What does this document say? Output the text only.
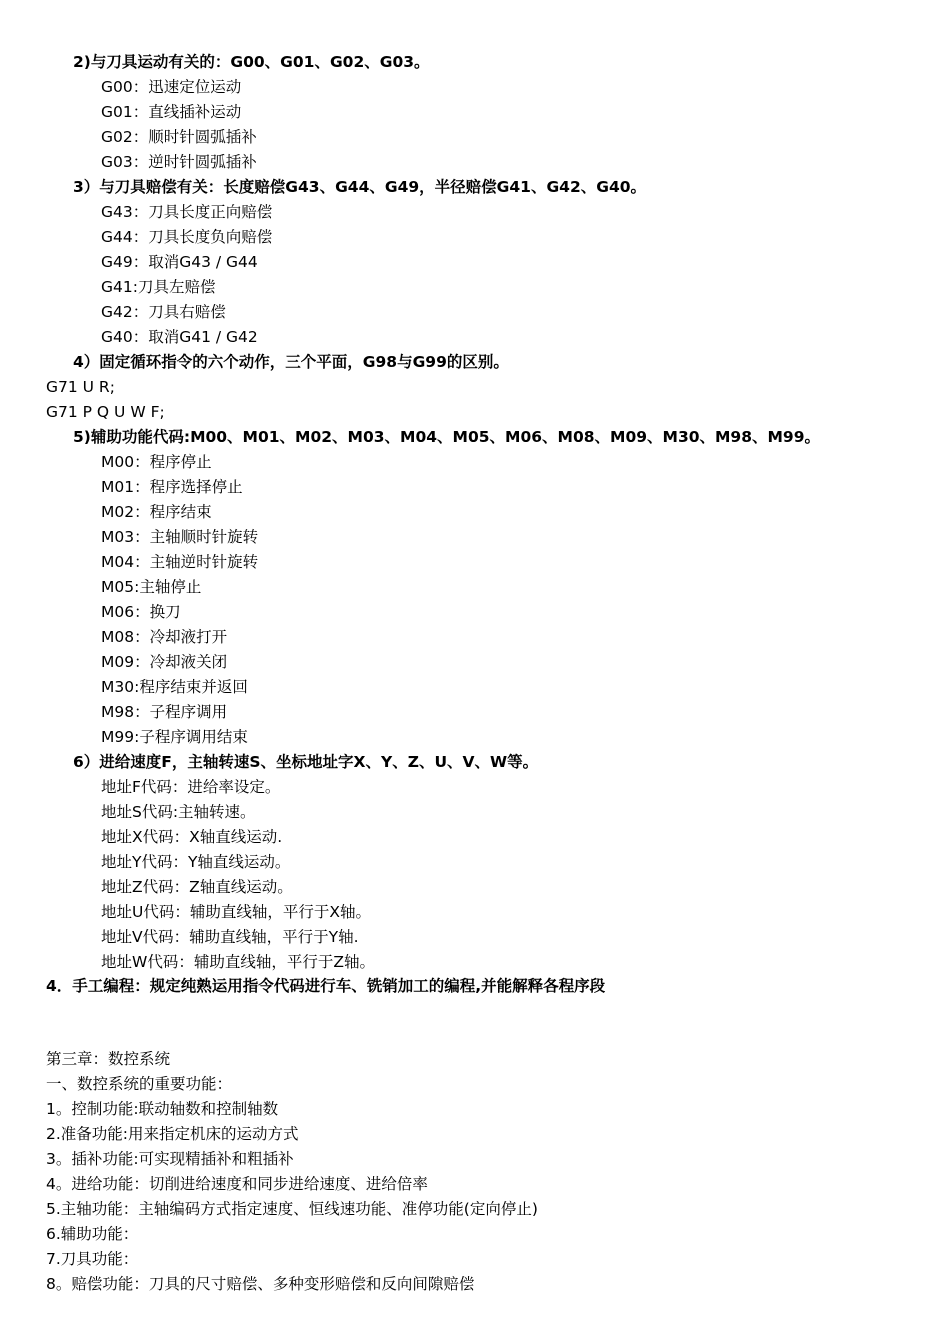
2)与刀具运动有关的：G00、G01、G02、G03。
G00：迅速定位运动
G01：直线插补运动
G02：顺时针圆弧插补
G03：逆时针圆弧插补
3）与刀具赔偿有关：长度赔偿G43、G44、G49，半径赔偿G41、G42、G40。
G43：刀具长度正向赔偿
G44：刀具长度负向赔偿
G49：取消G43 / G44
G41:刀具左赔偿
G42：刀具右赔偿
G40：取消G41 / G42
4）固定循环指令的六个动作，三个平面，G98与G99的区别。
G71 U R;
G71 P Q U W F;
5)辅助功能代码:M00、M01、M02、M03、M04、M05、M06、M08、M09、M30、M98、M99。
M00：程序停止
M01：程序选择停止
M02：程序结束
M03：主轴顺时针旋转
M04：主轴逆时针旋转
M05:主轴停止
M06：换刀
M08：冷却液打开
M09：冷却液关闭
M30:程序结束并返回
M98：子程序调用
M99:子程序调用结束
6）进给速度F，主轴转速S、坐标地址字X、Y、Z、U、V、W等。
地址F代码：进给率设定。
地址S代码:主轴转速。
地址X代码：X轴直线运动.
地址Y代码：Y轴直线运动。
地址Z代码：Z轴直线运动。
地址U代码：辅助直线轴，平行于X轴。
地址V代码：辅助直线轴，平行于Y轴.
地址W代码：辅助直线轴，平行于Z轴。
4．手工编程：规定纯熟运用指令代码进行车、铣销加工的编程,并能解释各程序段
第三章：数控系统
一、数控系统的重要功能：
1。控制功能:联动轴数和控制轴数
2.准备功能:用来指定机床的运动方式
3。插补功能:可实现精插补和粗插补
4。进给功能：切削进给速度和同步进给速度、进给倍率
5.主轴功能：主轴编码方式指定速度、恒线速功能、准停功能(定向停止)
6.辅助功能：
7.刀具功能：
8。赔偿功能：刀具的尺寸赔偿、多种变形赔偿和反向间隙赔偿
